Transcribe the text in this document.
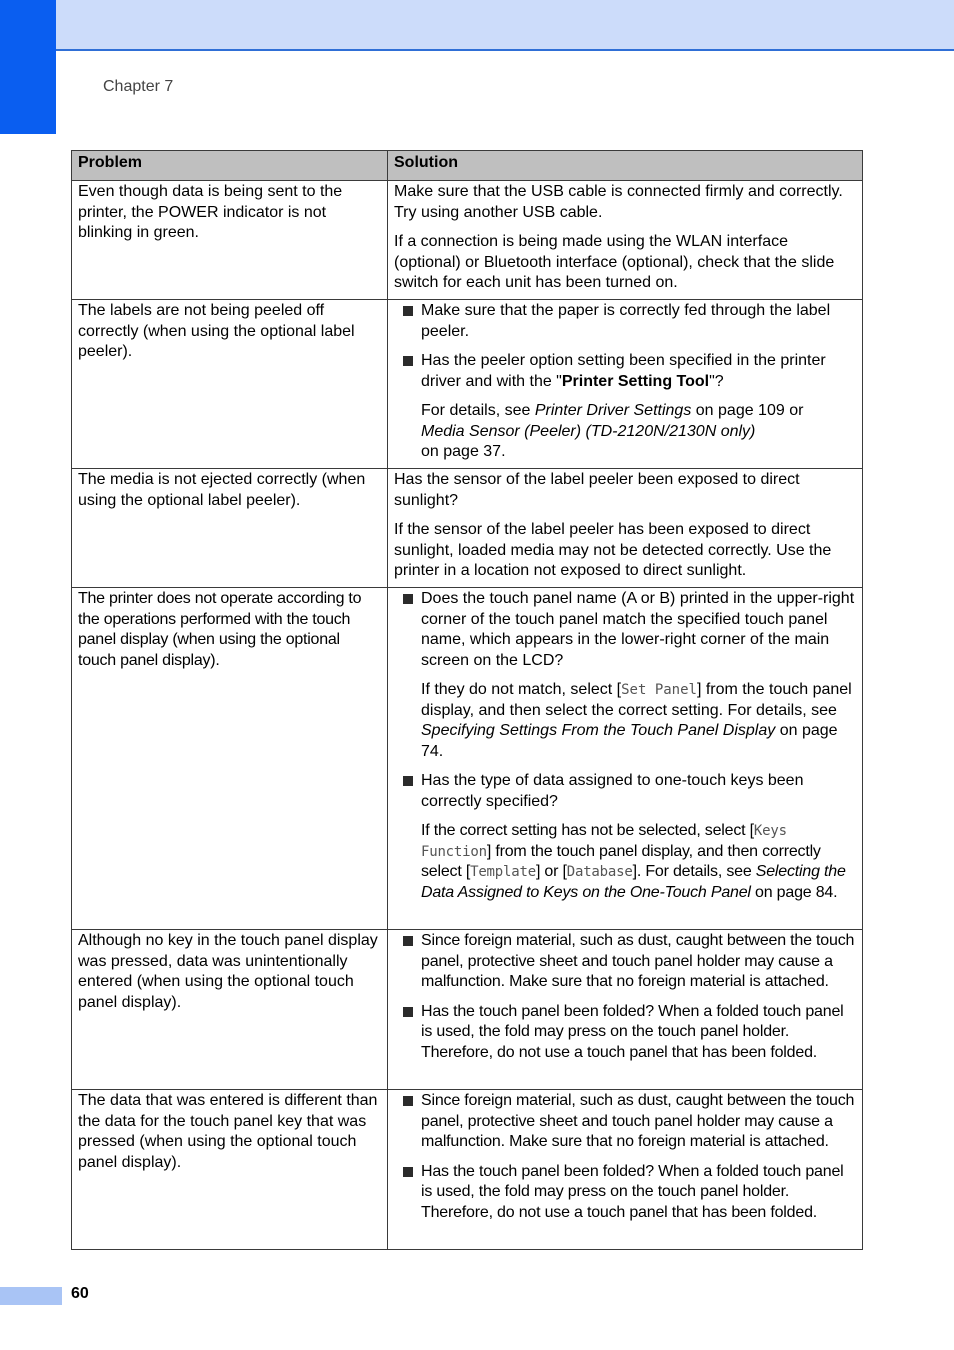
Chapter 7
Problem	Solution

Even though data is being sent to the printer, the POWER indicator is not blinking in green.	Make sure that the USB cable is connected firmly and correctly. Try using another USB cable.

If a connection is being made using the WLAN interface (optional) or Bluetooth interface (optional), check that the slide switch for each unit has been turned on.

The labels are not being peeled off correctly (when using the optional label peeler).	Make sure that the paper is correctly fed through the label peeler.
Has the peeler option setting been specified in the printer driver and with the "Printer Setting Tool"?
For details, see Printer Driver Settings on page 109 or
Media Sensor (Peeler) (TD-2120N/2130N only)
on page 37.

The media is not ejected correctly (when using the optional label peeler).	Has the sensor of the label peeler been exposed to direct sunlight?

If the sensor of the label peeler has been exposed to direct sunlight, loaded media may not be detected correctly. Use the printer in a location not exposed to direct sunlight.

The printer does not operate according to the operations performed with the touch panel display (when using the optional touch panel display).	Does the touch panel name (A or B) printed in the upper-right corner of the touch panel match the specified touch panel name, which appears in the lower-right corner of the main screen on the LCD?
If they do not match, select [Set Panel] from the touch panel display, and then select the correct setting. For details, see Specifying Settings From the Touch Panel Display on page 74.
Has the type of data assigned to one-touch keys been correctly specified?
If the correct setting has not be selected, select [Keys Function] from the touch panel display, and then correctly select [Template] or [Database]. For details, see Selecting the Data Assigned to Keys on the One-Touch Panel on page 84.

Although no key in the touch panel display was pressed, data was unintentionally entered (when using the optional touch panel display).	Since foreign material, such as dust, caught between the touch panel, protective sheet and touch panel holder may cause a malfunction. Make sure that no foreign material is attached.
Has the touch panel been folded? When a folded touch panel is used, the fold may press on the touch panel holder. Therefore, do not use a touch panel that has been folded.

The data that was entered is different than the data for the touch panel key that was pressed (when using the optional touch panel display).	Since foreign material, such as dust, caught between the touch panel, protective sheet and touch panel holder may cause a malfunction. Make sure that no foreign material is attached.
Has the touch panel been folded? When a folded touch panel is used, the fold may press on the touch panel holder. Therefore, do not use a touch panel that has been folded.
60
